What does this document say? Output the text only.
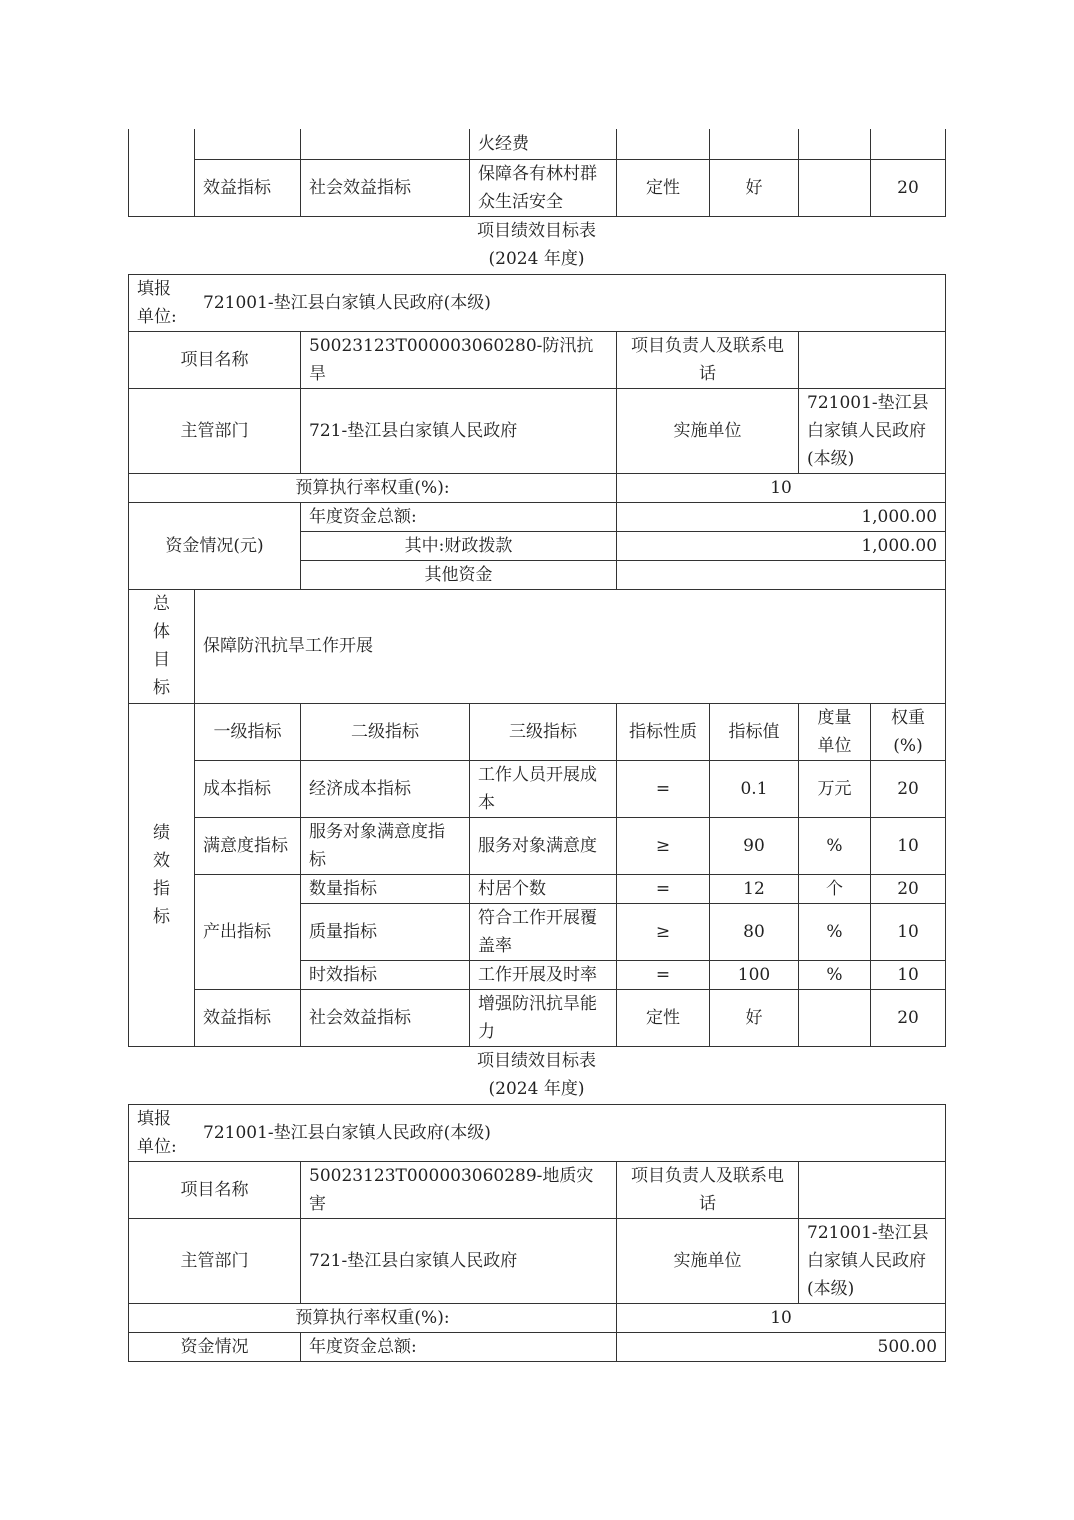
			火经费				
	效益指标	社会效益指标	保障各有林村群众生活安全	定性	好		20
项目绩效目标表
(2024 年度)
填报单位:
721001-垫江县白家镇人民政府(本级)							

项目名称		50023123T000003060280-防汛抗旱		项目负责人及联系电话			
主管部门		721-垫江县白家镇人民政府		实施单位		721001-垫江县白家镇人民政府(本级)	
预算执行率权重(%):				10			
资金情况(元)		年度资金总额:		1,000.00			
		其中:财政拨款		1,000.00			
		其他资金					
总体目标	保障防汛抗旱工作开展						
绩效指标	一级指标	二级指标	三级指标	指标性质	指标值	度量单位	权重(%)
	成本指标	经济成本指标	工作人员开展成本	=	0.1	万元	20
	满意度指标	服务对象满意度指标	服务对象满意度	≥	90	%	10
	产出指标	数量指标	村居个数	=	12	个	20
		质量指标	符合工作开展覆盖率	≥	80	%	10
		时效指标	工作开展及时率	=	100	%	10
	效益指标	社会效益指标	增强防汛抗旱能力	定性	好		20
项目绩效目标表
(2024 年度)
填报单位:
721001-垫江县白家镇人民政府(本级)			

项目名称	50023123T000003060289-地质灾害	项目负责人及联系电话	
主管部门	721-垫江县白家镇人民政府	实施单位	721001-垫江县白家镇人民政府(本级)
预算执行率权重(%):		10	
资金情况	年度资金总额:	500.00	
